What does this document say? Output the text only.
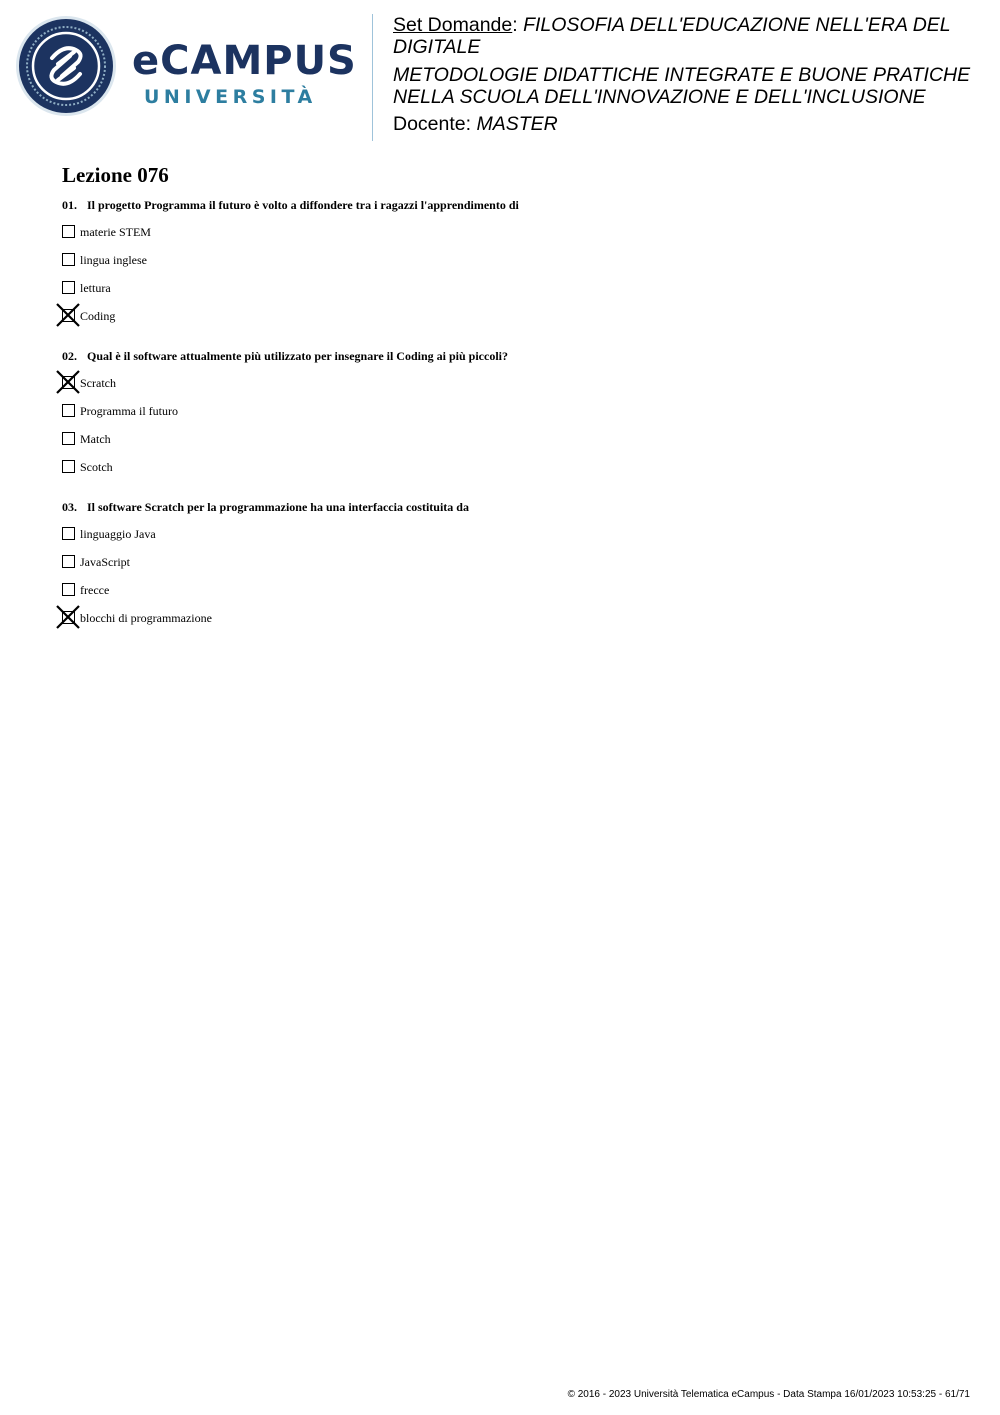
eCAMPUS
UNIVERSITÀ
Set Domande: FILOSOFIA DELL'EDUCAZIONE NELL'ERA DEL DIGITALE
METODOLOGIE DIDATTICHE INTEGRATE E BUONE PRATICHE NELLA SCUOLA DELL'INNOVAZIONE E DELL'INCLUSIONE
Docente: MASTER
Lezione 076

01. Il progetto Programma il futuro è volto a diffondere tra i ragazzi l'apprendimento di

materie STEM
lingua inglese
lettura
Coding

02. Qual è il software attualmente più utilizzato per insegnare il Coding ai più piccoli?

Scratch
Programma il futuro
Match
Scotch

03. Il software Scratch per la programmazione ha una interfaccia costituita da

linguaggio Java
JavaScript
frecce
blocchi di programmazione
© 2016 - 2023 Università Telematica eCampus - Data Stampa 16/01/2023 10:53:25 - 61/71
